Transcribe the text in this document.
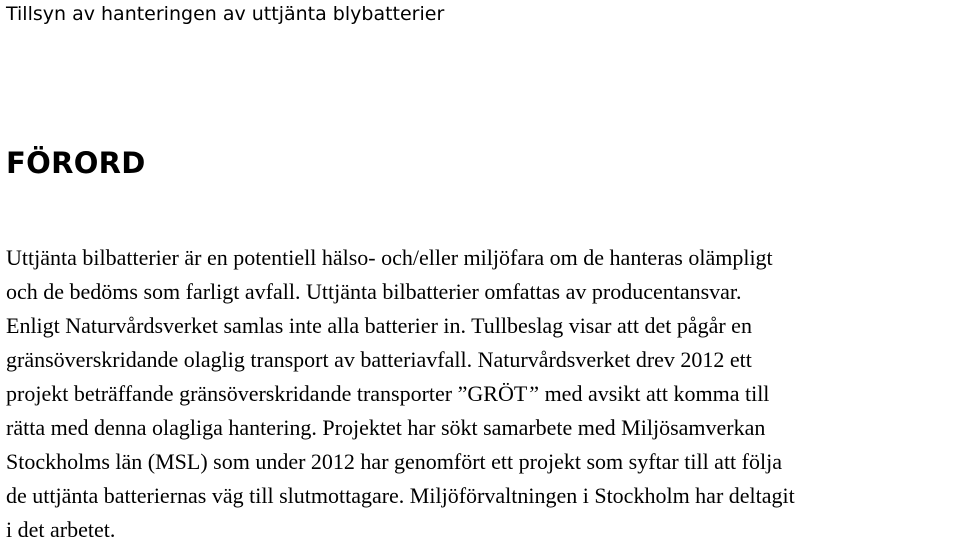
Tillsyn av hanteringen av uttjänta blybatterier
FÖRORD

Uttjänta bilbatterier är en potentiell hälso- och/eller miljöfara om de hanteras olämpligt
och de bedöms som farligt avfall. Uttjänta bilbatterier omfattas av producentansvar.
Enligt Naturvårdsverket samlas inte alla batterier in. Tullbeslag visar att det pågår en
gränsöverskridande olaglig transport av batteriavfall. Naturvårdsverket drev 2012 ett
projekt beträffande gränsöverskridande transporter ”GRÖT” med avsikt att komma till
rätta med denna olagliga hantering. Projektet har sökt samarbete med Miljösamverkan
Stockholms län (MSL) som under 2012 har genomfört ett projekt som syftar till att följa
de uttjänta batteriernas väg till slutmottagare. Miljöförvaltningen i Stockholm har deltagit
i det arbetet.
